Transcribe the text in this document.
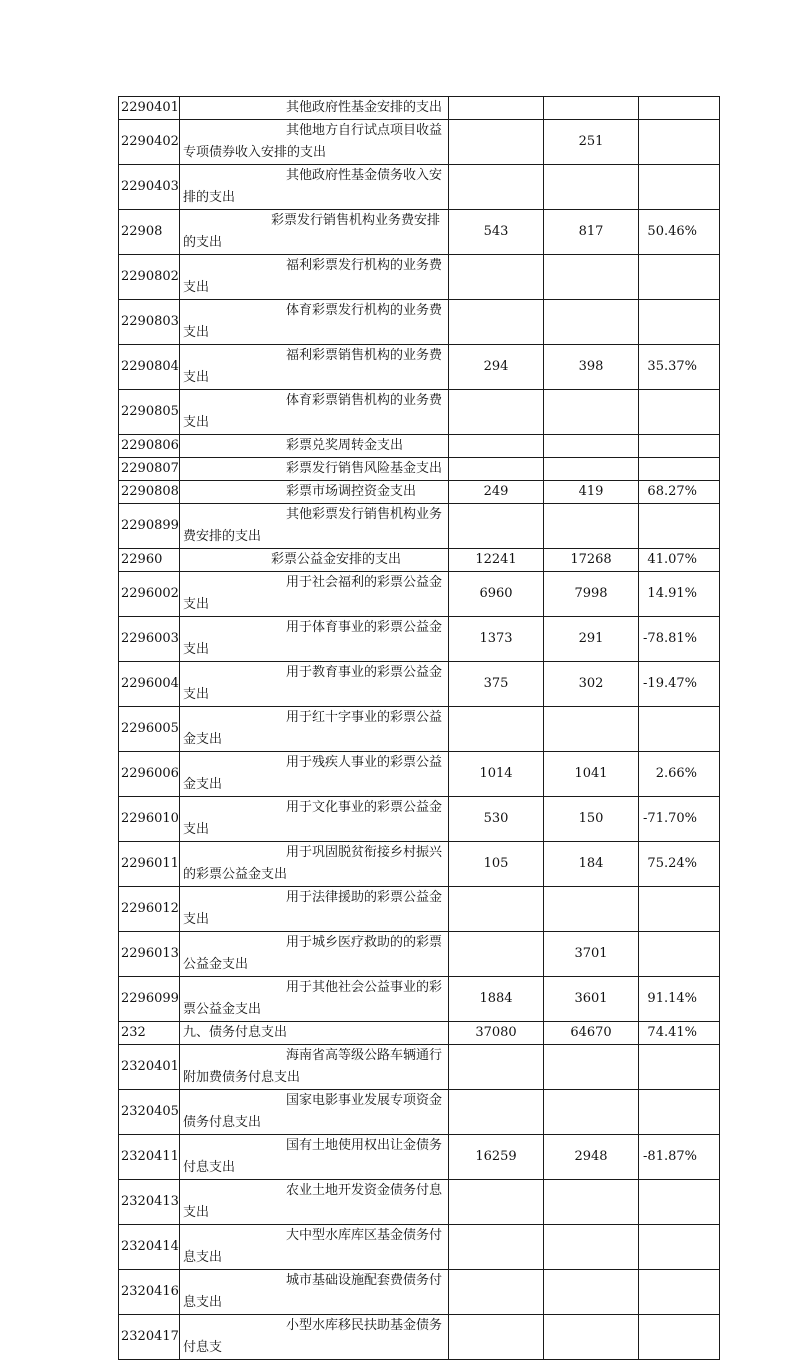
2290401	其他政府性基金安排的支出			

2290402	其他地方自行试点项目收益专项债券收入安排的支出		251	
2290403	其他政府性基金债务收入安排的支出			

22908	彩票发行销售机构业务费安排的支出	543	817	50.46%
2290802	福利彩票发行机构的业务费支出			

2290803	体育彩票发行机构的业务费支出			

2290804	福利彩票销售机构的业务费支出	294	398	35.37%
2290805	体育彩票销售机构的业务费支出			

2290806	彩票兑奖周转金支出			

2290807	彩票发行销售风险基金支出			

2290808	彩票市场调控资金支出	249	419	68.27%
2290899	其他彩票发行销售机构业务费安排的支出			

22960	彩票公益金安排的支出	12241	17268	41.07%
2296002	用于社会福利的彩票公益金支出	6960	7998	14.91%
2296003	用于体育事业的彩票公益金支出	1373	291	-78.81%
2296004	用于教育事业的彩票公益金支出	375	302	-19.47%
2296005	用于红十字事业的彩票公益金支出			

2296006	用于残疾人事业的彩票公益金支出	1014	1041	2.66%
2296010	用于文化事业的彩票公益金支出	530	150	-71.70%
2296011	用于巩固脱贫衔接乡村振兴的彩票公益金支出	105	184	75.24%
2296012	用于法律援助的彩票公益金支出			

2296013	用于城乡医疗救助的的彩票公益金支出		3701	
2296099	用于其他社会公益事业的彩票公益金支出	1884	3601	91.14%
232	九、债务付息支出	37080	64670	74.41%
2320401	海南省高等级公路车辆通行附加费债务付息支出			

2320405	国家电影事业发展专项资金债务付息支出			

2320411	国有土地使用权出让金债务付息支出	16259	2948	-81.87%
2320413	农业土地开发资金债务付息支出			

2320414	大中型水库库区基金债务付息支出			

2320416	城市基础设施配套费债务付息支出			

2320417	小型水库移民扶助基金债务付息支			
